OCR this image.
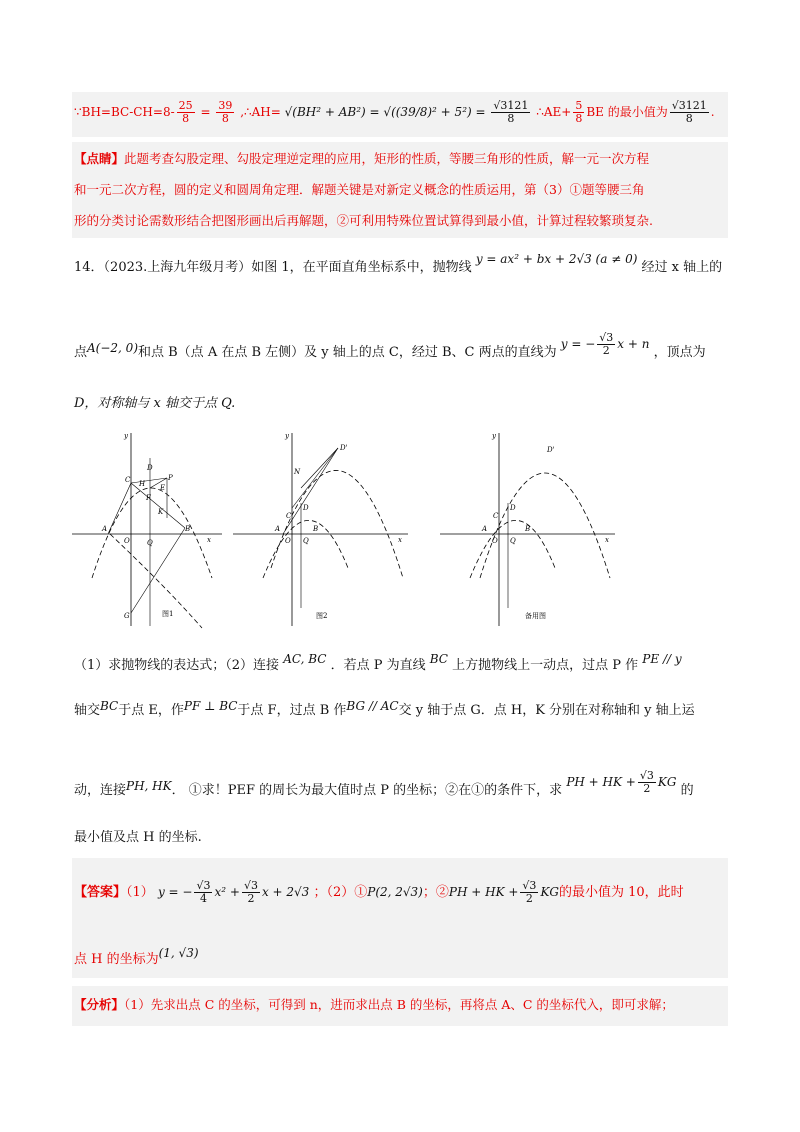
∵BH=BC-CH=8- $\frac{25}{8} = \frac{39}{8}$ ,∴AH= $√(BH^2 + AB^2) = √((39/8)^2 + 5^2) = \frac{√3121}{8}$ ∴AE+ $\frac{5}{8}$ BE 的最小值为 $\frac{√3121}{8}$ .
【点睛】此题考查勾股定理、勾股定理逆定理的应用，矩形的性质，等腰三角形的性质，解一元一次方程
和一元二次方程，圆的定义和圆周角定理．解题关键是对新定义概念的性质运用，第（3）①题等腰三角
形的分类讨论需数形结合把图形画出后再解题，②可利用特殊位置试算得到最小值，计算过程较繁琐复杂.
14．（2023.上海九年级月考）如图 1，在平面直角坐标系中，抛物线 y = ax² + bx + 2√3 (a ≠ 0) 经过 x 轴上的
点A(−2, 0)和点 B（点 A 在点 B 左侧）及 y 轴上的点 C，经过 B、C 两点的直线为 y = − $\frac{√3}{2}$ x + n ，顶点为
D，对称轴与 x 轴交于点 Q.
x
y
A
O Q
B
C
D
H E
F
P
K
G	图1
x
y
A
O Q
B
C
D
D'
N
图2
x
y
A
O Q
B
C
D
D'
备用图
（1）求抛物线的表达式；（2）连接 AC, BC ．若点 P 为直线 BC 上方抛物线上一动点，过点 P 作 PE // y
轴交BC于点 E，作PF ⊥ BC于点 F，过点 B 作BG // AC交 y 轴于点 G．点 H，K 分别在对称轴和 y 轴上运
动，连接PH, HK． ①求！PEF 的周长为最大值时点 P 的坐标；②在①的条件下，求 PH + HK + $\frac{√3}{2}$ KG 的
最小值及点 H 的坐标.
【答案】（1） y = − $\frac{√3}{4} x^2 + \frac{√3}{2}$ x + 2√3 ；（2）①P(2, 2√3)；②PH + HK + $\frac{√3}{2}$ KG的最小值为 10，此时
点 H 的坐标为(1, √3)
【分析】（1）先求出点 C 的坐标，可得到 n，进而求出点 B 的坐标，再将点 A、C 的坐标代入，即可求解；
